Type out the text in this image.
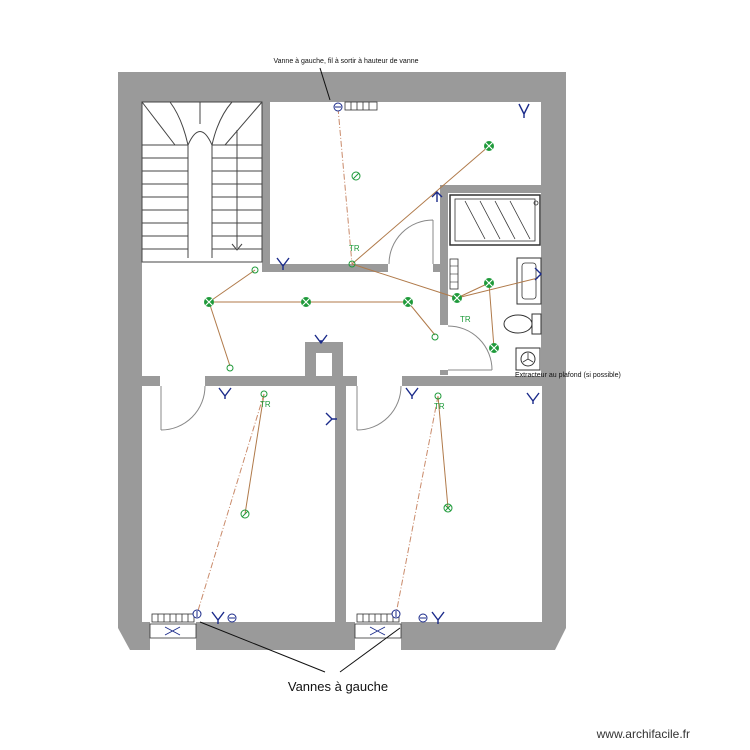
TR
TR
TR	TR
Vanne à gauche, fil à sortir à hauteur de vanne
Extracteur au plafond (si possible)
Vannes à gauche
www.archifacile.fr
